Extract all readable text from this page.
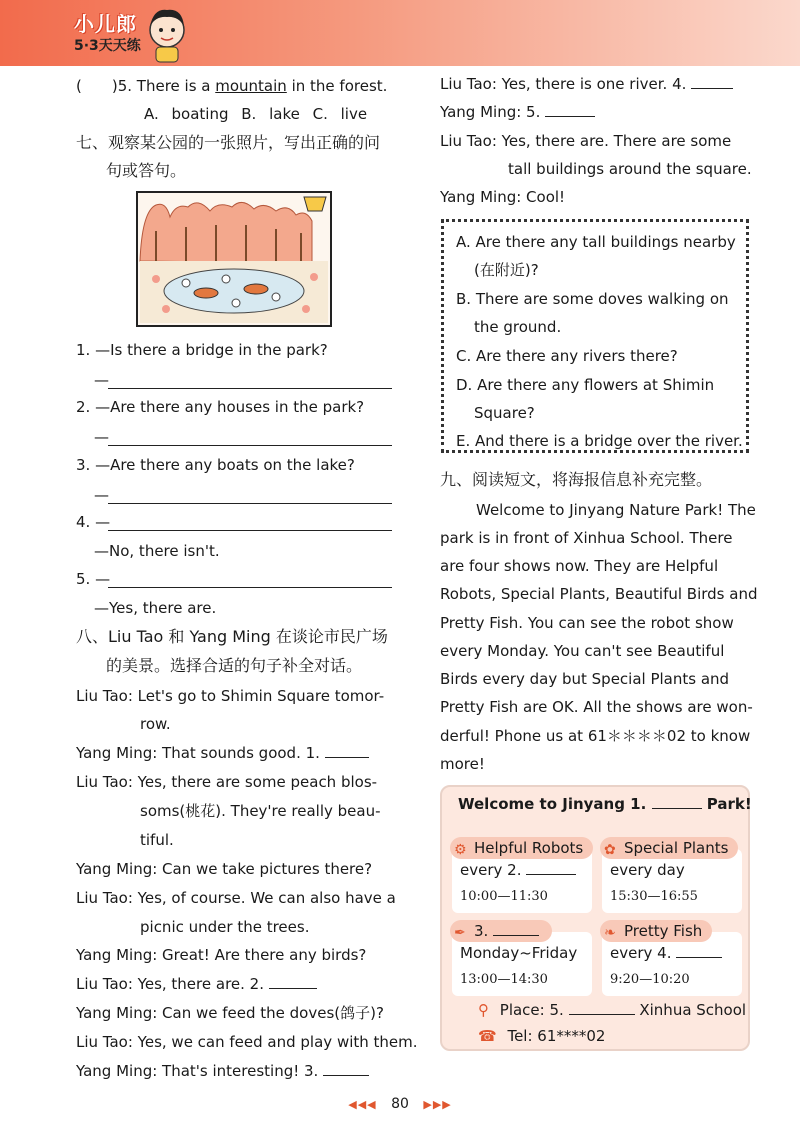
小儿郎
5·3天天练
( )5. There is a mountain in the forest.
A. boating B. lake C. live
七、观察某公园的一张照片，写出正确的问
句或答句。
1. —Is there a bridge in the park?
—
2. —Are there any houses in the park?
—
3. —Are there any boats on the lake?
—
4. —
—No, there isn't.
5. —
—Yes, there are.
八、Liu Tao 和 Yang Ming 在谈论市民广场
的美景。选择合适的句子补全对话。
Liu Tao: Let's go to Shimin Square tomor-
row.
Yang Ming: That sounds good. 1.
Liu Tao: Yes, there are some peach blos-
soms(桃花). They're really beau-
tiful.
Yang Ming: Can we take pictures there?
Liu Tao: Yes, of course. We can also have a
picnic under the trees.
Yang Ming: Great! Are there any birds?
Liu Tao: Yes, there are. 2.
Yang Ming: Can we feed the doves(鸽子)?
Liu Tao: Yes, we can feed and play with them.
Yang Ming: That's interesting! 3.
Liu Tao: Yes, there is one river. 4.
Yang Ming: 5.
Liu Tao: Yes, there are. There are some
tall buildings around the square.
Yang Ming: Cool!
A. Are there any tall buildings nearby
(在附近)?
B. There are some doves walking on
the ground.
C. Are there any rivers there?
D. Are there any flowers at Shimin
Square?
E. And there is a bridge over the river.
九、阅读短文，将海报信息补充完整。
Welcome to Jinyang Nature Park! The
park is in front of Xinhua School. There
are four shows now. They are Helpful
Robots, Special Plants, Beautiful Birds and
Pretty Fish. You can see the robot show
every Monday. You can't see Beautiful
Birds every day but Special Plants and
Pretty Fish are OK. All the shows are won-
derful! Phone us at 61＊＊＊＊02 to know
more!
Welcome to Jinyang 1.	Park!
every 2.
10:00—11:30
⚙ Helpful Robots
every day
15:30—16:55
✿ Special Plants
Monday~Friday
13:00—14:30
✒ 3.
every 4.
9:20—10:20
❧ Pretty Fish
⚲ Place: 5.	Xinhua School
☎ Tel: 61****02
◀◀◀ 80 ▶▶▶
